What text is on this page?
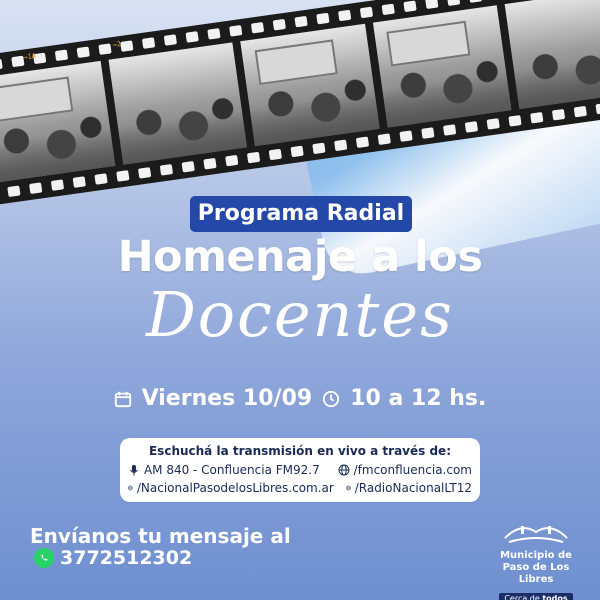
→1A
→2
Programa Radial
Homenaje a los
Docentes
Viernes 10/09 10 a 12 hs.
Eschuchá la transmisión en vivo a través de:
AM 840 - Confluencia FM92.7	/fmconfluencia.com
/NacionalPasodelosLibres.com.ar /RadioNacionalLT12
Envíanos tu mensaje al
3772512302	Municipio de
Paso de Los Libres
Cerca de todos
